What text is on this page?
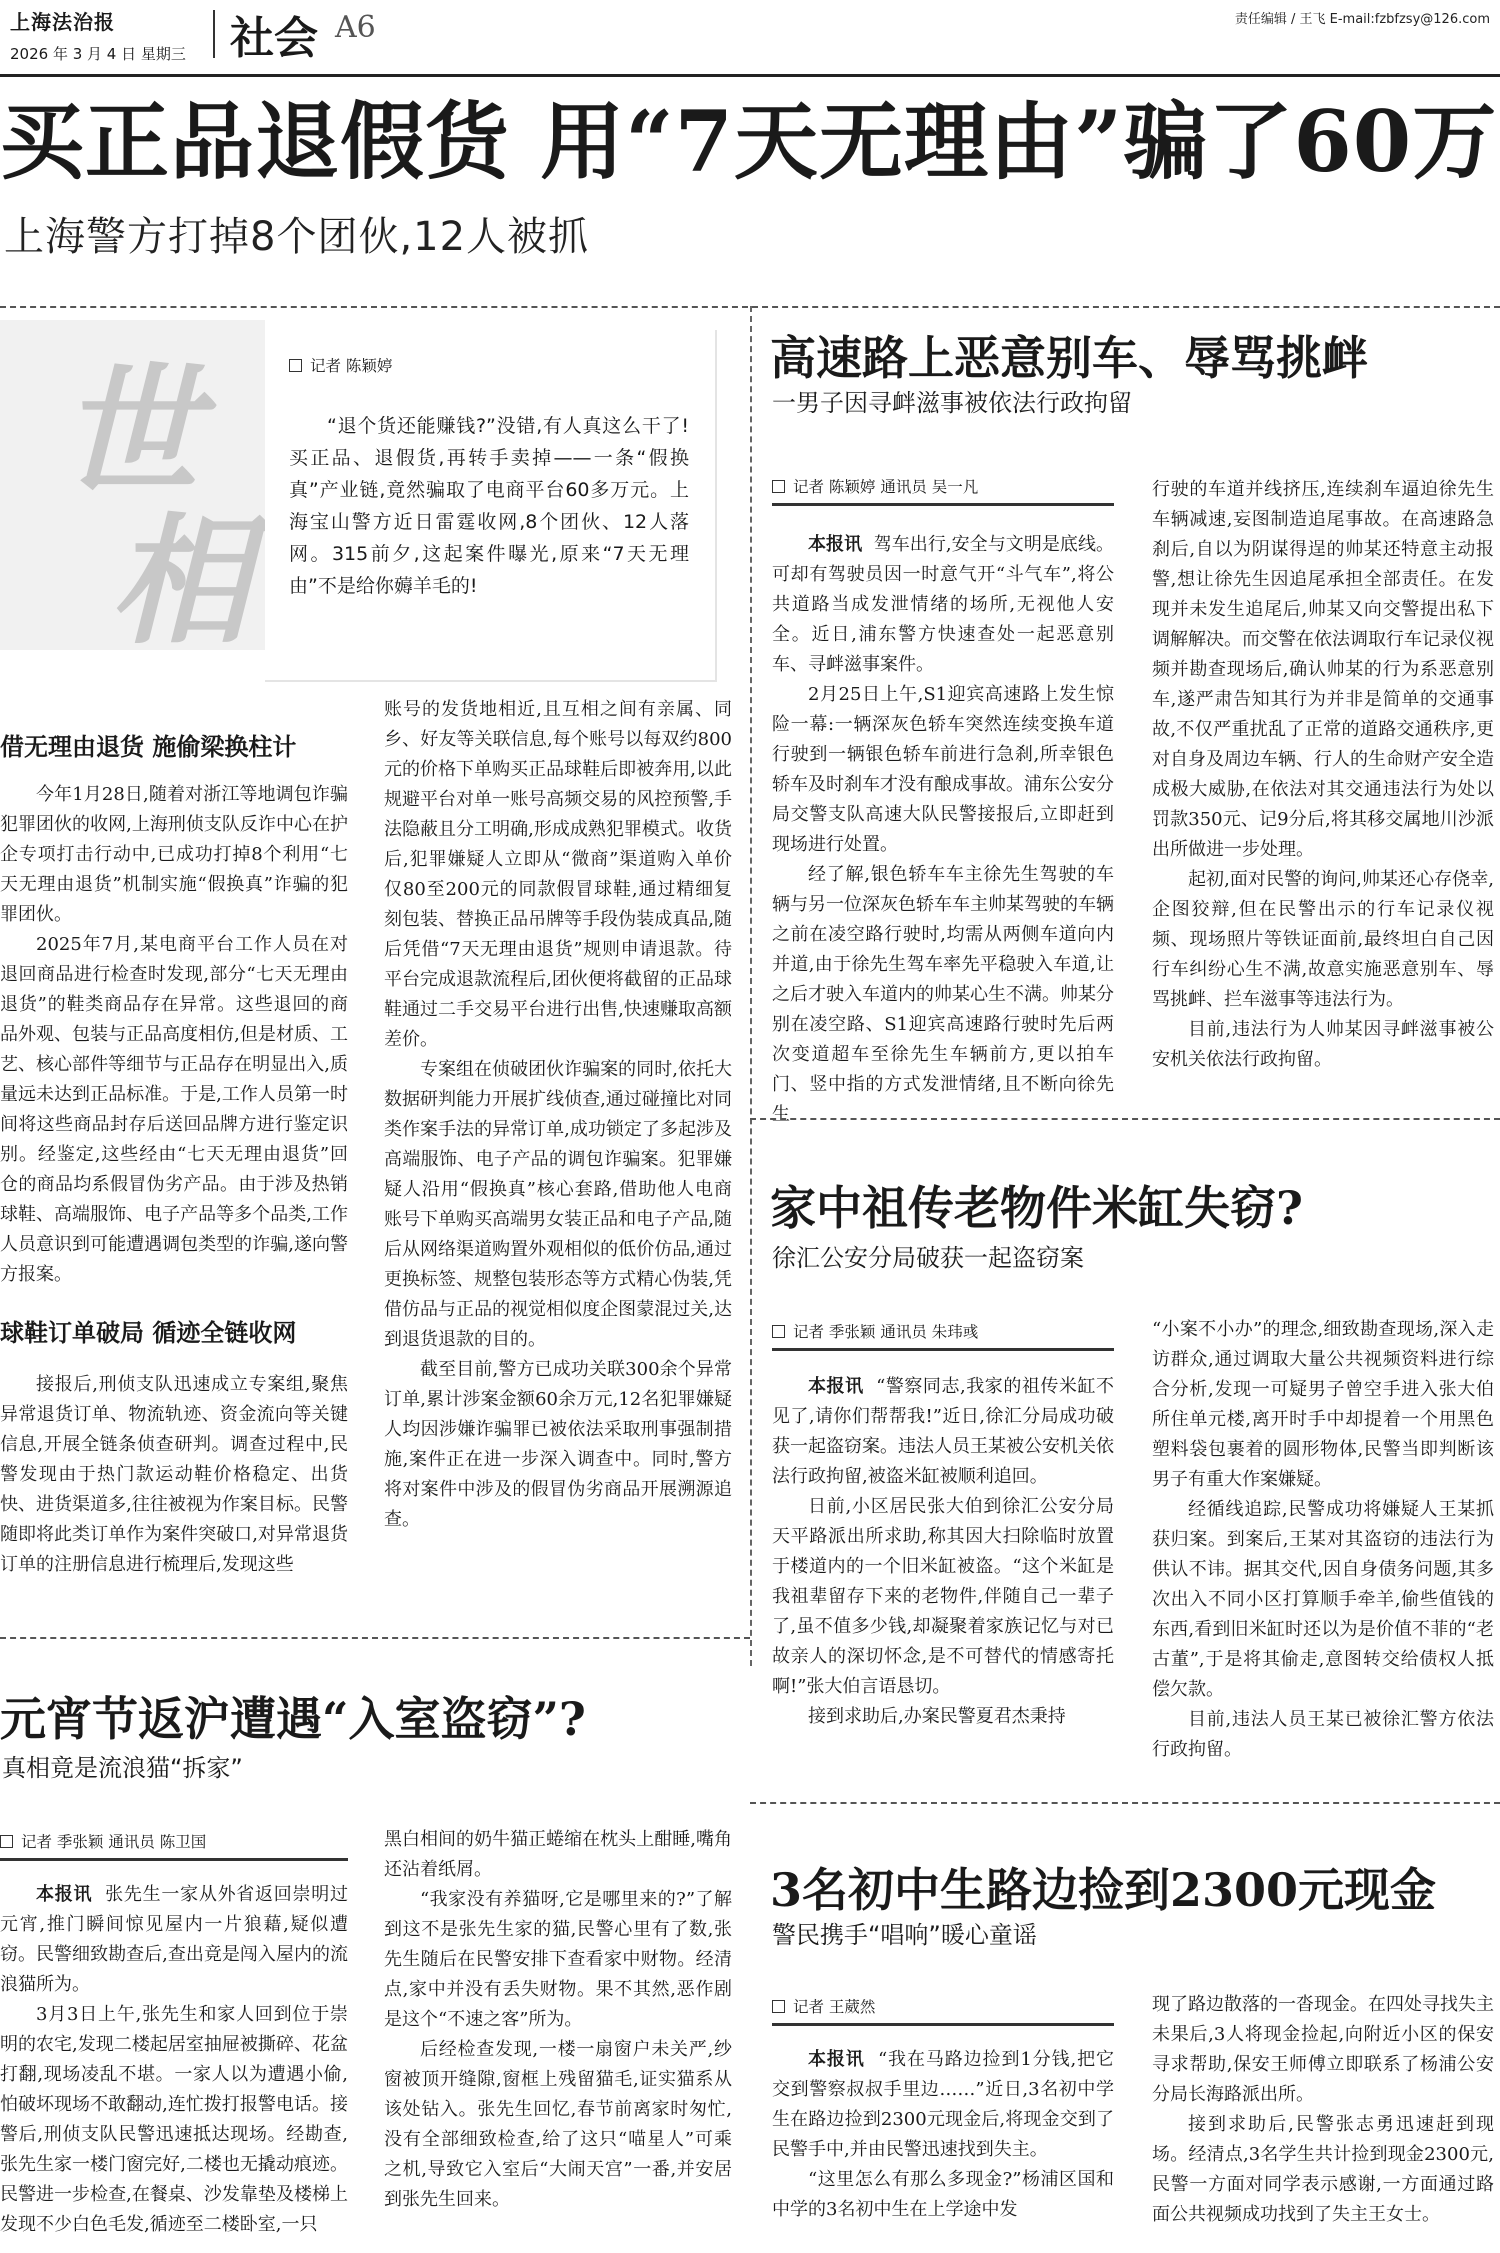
上海法治报
2026 年 3 月 4 日 星期三 社会 A6	责任编辑 / 王飞 E-mail:fzbfzsy@126.com
买正品退假货 用“7天无理由”骗了60万
上海警方打掉8个团伙,12人被抓
世
相
记者 陈颖婷

“退个货还能赚钱?”没错,有人真这么干了!买正品、退假货,再转手卖掉——一条“假换真”产业链,竟然骗取了电商平台60多万元。上海宝山警方近日雷霆收网,8个团伙、12人落网。315前夕,这起案件曝光,原来“7天无理由”不是给你薅羊毛的!

借无理由退货 施偷梁换柱计

今年1月28日,随着对浙江等地调包诈骗犯罪团伙的收网,上海刑侦支队反诈中心在护企专项打击行动中,已成功打掉8个利用“七天无理由退货”机制实施“假换真”诈骗的犯罪团伙。

2025年7月,某电商平台工作人员在对退回商品进行检查时发现,部分“七天无理由退货”的鞋类商品存在异常。这些退回的商品外观、包装与正品高度相仿,但是材质、工艺、核心部件等细节与正品存在明显出入,质量远未达到正品标准。于是,工作人员第一时间将这些商品封存后送回品牌方进行鉴定识别。经鉴定,这些经由“七天无理由退货”回仓的商品均系假冒伪劣产品。由于涉及热销球鞋、高端服饰、电子产品等多个品类,工作人员意识到可能遭遇调包类型的诈骗,遂向警方报案。

球鞋订单破局 循迹全链收网

接报后,刑侦支队迅速成立专案组,聚焦异常退货订单、物流轨迹、资金流向等关键信息,开展全链条侦查研判。调查过程中,民警发现由于热门款运动鞋价格稳定、出货快、进货渠道多,往往被视为作案目标。民警随即将此类订单作为案件突破口,对异常退货订单的注册信息进行梳理后,发现这些

账号的发货地相近,且互相之间有亲属、同乡、好友等关联信息,每个账号以每双约800元的价格下单购买正品球鞋后即被奔用,以此规避平台对单一账号高频交易的风控预警,手法隐蔽且分工明确,形成成熟犯罪模式。收货后,犯罪嫌疑人立即从“微商”渠道购入单价仅80至200元的同款假冒球鞋,通过精细复刻包装、替换正品吊牌等手段伪装成真品,随后凭借“7天无理由退货”规则申请退款。待平台完成退款流程后,团伙便将截留的正品球鞋通过二手交易平台进行出售,快速赚取高额差价。

专案组在侦破团伙诈骗案的同时,依托大数据研判能力开展扩线侦查,通过碰撞比对同类作案手法的异常订单,成功锁定了多起涉及高端服饰、电子产品的调包诈骗案。犯罪嫌疑人沿用“假换真”核心套路,借助他人电商账号下单购买高端男女装正品和电子产品,随后从网络渠道购置外观相似的低价仿品,通过更换标签、规整包装形态等方式精心伪装,凭借仿品与正品的视觉相似度企图蒙混过关,达到退货退款的目的。

截至目前,警方已成功关联300余个异常订单,累计涉案金额60余万元,12名犯罪嫌疑人均因涉嫌诈骗罪已被依法采取刑事强制措施,案件正在进一步深入调查中。同时,警方将对案件中涉及的假冒伪劣商品开展溯源追查。

高速路上恶意别车、辱骂挑衅
一男子因寻衅滋事被依法行政拘留
记者 陈颖婷 通讯员 吴一凡

本报讯 驾车出行,安全与文明是底线。可却有驾驶员因一时意气开“斗气车”,将公共道路当成发泄情绪的场所,无视他人安全。近日,浦东警方快速查处一起恶意别车、寻衅滋事案件。

2月25日上午,S1迎宾高速路上发生惊险一幕:一辆深灰色轿车突然连续变换车道行驶到一辆银色轿车前进行急刹,所幸银色轿车及时刹车才没有酿成事故。浦东公安分局交警支队高速大队民警接报后,立即赶到现场进行处置。

经了解,银色轿车车主徐先生驾驶的车辆与另一位深灰色轿车车主帅某驾驶的车辆之前在凌空路行驶时,均需从两侧车道向内并道,由于徐先生驾车率先平稳驶入车道,让之后才驶入车道内的帅某心生不满。帅某分别在凌空路、S1迎宾高速路行驶时先后两次变道超车至徐先生车辆前方,更以拍车门、竖中指的方式发泄情绪,且不断向徐先生

行驶的车道并线挤压,连续刹车逼迫徐先生车辆减速,妄图制造追尾事故。在高速路急刹后,自以为阴谋得逞的帅某还特意主动报警,想让徐先生因追尾承担全部责任。在发现并未发生追尾后,帅某又向交警提出私下调解解决。而交警在依法调取行车记录仪视频并勘查现场后,确认帅某的行为系恶意别车,遂严肃告知其行为并非是简单的交通事故,不仅严重扰乱了正常的道路交通秩序,更对自身及周边车辆、行人的生命财产安全造成极大威胁,在依法对其交通违法行为处以罚款350元、记9分后,将其移交属地川沙派出所做进一步处理。

起初,面对民警的询问,帅某还心存侥幸,企图狡辩,但在民警出示的行车记录仪视频、现场照片等铁证面前,最终坦白自己因行车纠纷心生不满,故意实施恶意别车、辱骂挑衅、拦车滋事等违法行为。

目前,违法行为人帅某因寻衅滋事被公安机关依法行政拘留。

家中祖传老物件米缸失窃?
徐汇公安分局破获一起盗窃案
记者 季张颖 通讯员 朱玮彧

本报讯 “警察同志,我家的祖传米缸不见了,请你们帮帮我!”近日,徐汇分局成功破获一起盗窃案。违法人员王某被公安机关依法行政拘留,被盗米缸被顺利追回。

日前,小区居民张大伯到徐汇公安分局天平路派出所求助,称其因大扫除临时放置于楼道内的一个旧米缸被盗。“这个米缸是我祖辈留存下来的老物件,伴随自己一辈子了,虽不值多少钱,却凝聚着家族记忆与对已故亲人的深切怀念,是不可替代的情感寄托啊!”张大伯言语恳切。

接到求助后,办案民警夏君杰秉持

“小案不小办”的理念,细致勘查现场,深入走访群众,通过调取大量公共视频资料进行综合分析,发现一可疑男子曾空手进入张大伯所住单元楼,离开时手中却提着一个用黑色塑料袋包裹着的圆形物体,民警当即判断该男子有重大作案嫌疑。

经循线追踪,民警成功将嫌疑人王某抓获归案。到案后,王某对其盗窃的违法行为供认不讳。据其交代,因自身债务问题,其多次出入不同小区打算顺手牵羊,偷些值钱的东西,看到旧米缸时还以为是价值不菲的“老古董”,于是将其偷走,意图转交给债权人抵偿欠款。

目前,违法人员王某已被徐汇警方依法行政拘留。

元宵节返沪遭遇“入室盗窃”?
真相竟是流浪猫“拆家”
记者 季张颖 通讯员 陈卫国

本报讯 张先生一家从外省返回崇明过元宵,推门瞬间惊见屋内一片狼藉,疑似遭窃。民警细致勘查后,查出竟是闯入屋内的流浪猫所为。

3月3日上午,张先生和家人回到位于崇明的农宅,发现二楼起居室抽屉被撕碎、花盆打翻,现场凌乱不堪。一家人以为遭遇小偷,怕破坏现场不敢翻动,连忙拨打报警电话。接警后,刑侦支队民警迅速抵达现场。经勘查,张先生家一楼门窗完好,二楼也无撬动痕迹。民警进一步检查,在餐桌、沙发靠垫及楼梯上发现不少白色毛发,循迹至二楼卧室,一只

黑白相间的奶牛猫正蜷缩在枕头上酣睡,嘴角还沾着纸屑。

“我家没有养猫呀,它是哪里来的?”了解到这不是张先生家的猫,民警心里有了数,张先生随后在民警安排下查看家中财物。经清点,家中并没有丢失财物。果不其然,恶作剧是这个“不速之客”所为。

后经检查发现,一楼一扇窗户未关严,纱窗被顶开缝隙,窗框上残留猫毛,证实猫系从该处钻入。张先生回忆,春节前离家时匆忙,没有全部细致检查,给了这只“喵星人”可乘之机,导致它入室后“大闹天宫”一番,并安居到张先生回来。

3名初中生路边捡到2300元现金
警民携手“唱响”暖心童谣
记者 王葳然

本报讯 “我在马路边捡到1分钱,把它交到警察叔叔手里边……”近日,3名初中学生在路边捡到2300元现金后,将现金交到了民警手中,并由民警迅速找到失主。

“这里怎么有那么多现金?”杨浦区国和中学的3名初中生在上学途中发

现了路边散落的一沓现金。在四处寻找失主未果后,3人将现金捡起,向附近小区的保安寻求帮助,保安王师傅立即联系了杨浦公安分局长海路派出所。

接到求助后,民警张志勇迅速赶到现场。经清点,3名学生共计捡到现金2300元,民警一方面对同学表示感谢,一方面通过路面公共视频成功找到了失主王女士。
